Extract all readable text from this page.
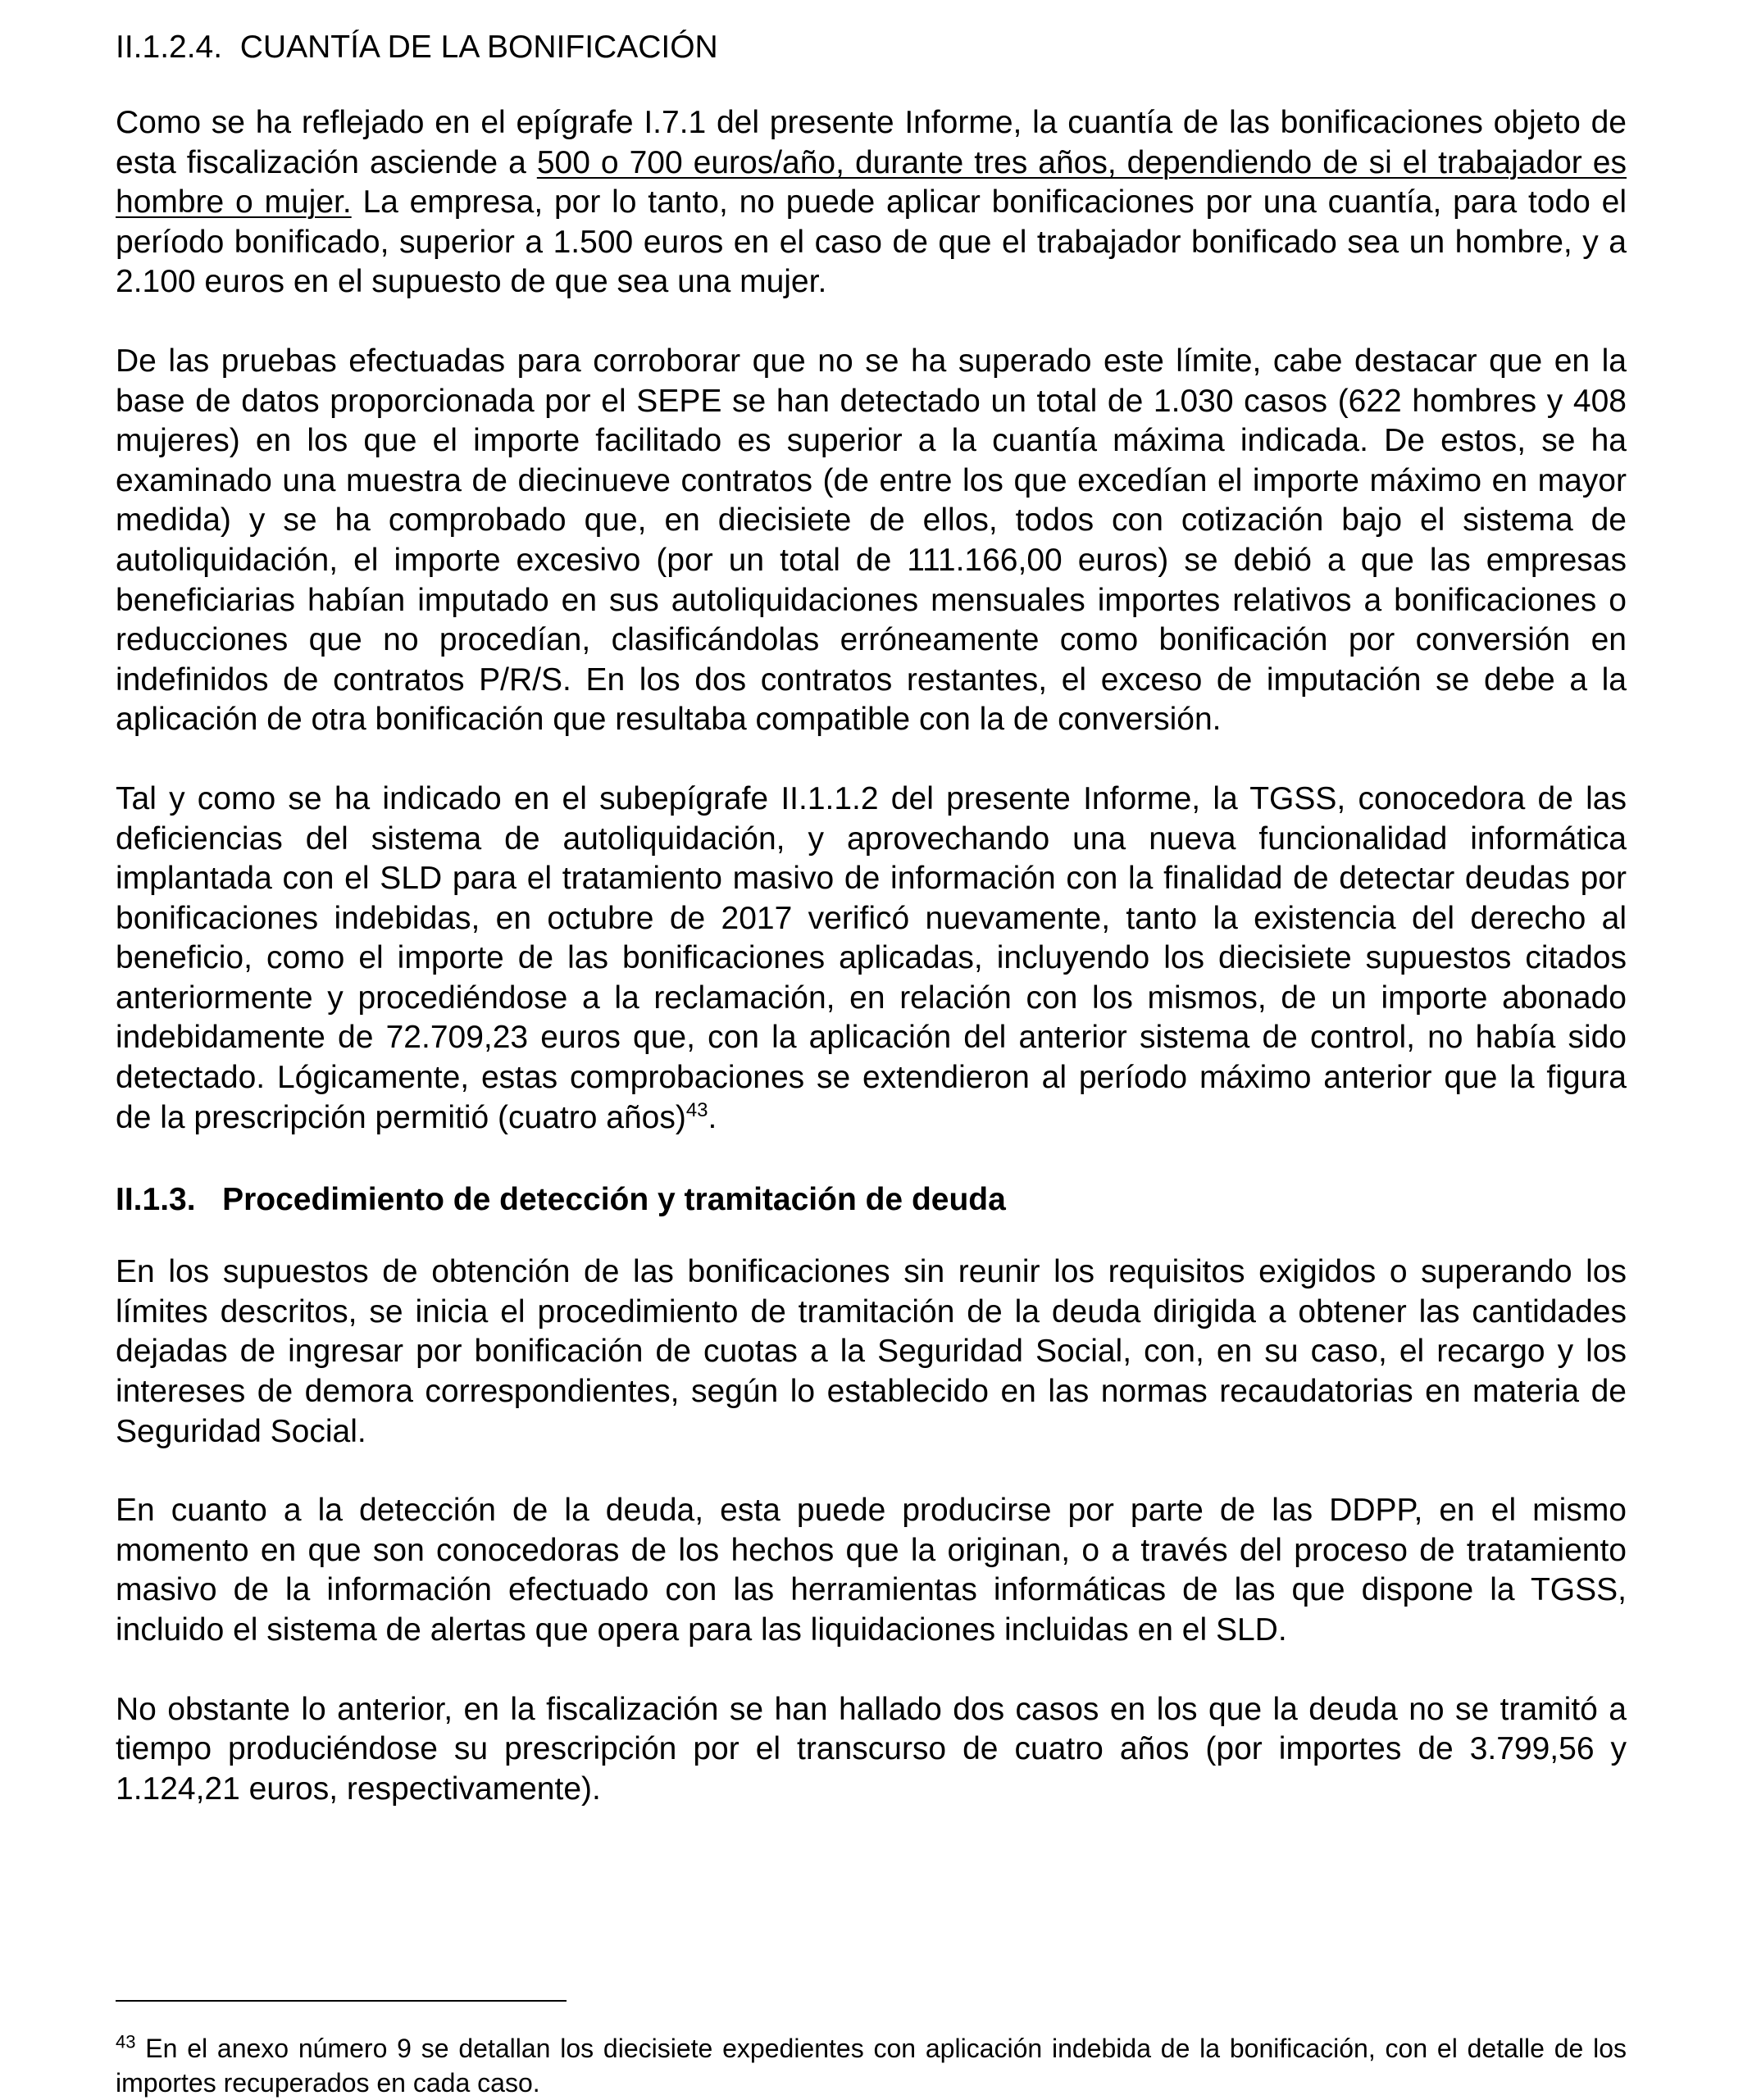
II.1.2.4. CUANTÍA DE LA BONIFICACIÓN

Como se ha reflejado en el epígrafe I.7.1 del presente Informe, la cuantía de las bonificaciones objeto de esta fiscalización asciende a 500 o 700 euros/año, durante tres años, dependiendo de si el trabajador es hombre o mujer. La empresa, por lo tanto, no puede aplicar bonificaciones por una cuantía, para todo el período bonificado, superior a 1.500 euros en el caso de que el trabajador bonificado sea un hombre, y a 2.100 euros en el supuesto de que sea una mujer.

De las pruebas efectuadas para corroborar que no se ha superado este límite, cabe destacar que en la base de datos proporcionada por el SEPE se han detectado un total de 1.030 casos (622 hombres y 408 mujeres) en los que el importe facilitado es superior a la cuantía máxima indicada. De estos, se ha examinado una muestra de diecinueve contratos (de entre los que excedían el importe máximo en mayor medida) y se ha comprobado que, en diecisiete de ellos, todos con cotización bajo el sistema de autoliquidación, el importe excesivo (por un total de 111.166,00 euros) se debió a que las empresas beneficiarias habían imputado en sus autoliquidaciones mensuales importes relativos a bonificaciones o reducciones que no procedían, clasificándolas erróneamente como bonificación por conversión en indefinidos de contratos P/R/S. En los dos contratos restantes, el exceso de imputación se debe a la aplicación de otra bonificación que resultaba compatible con la de conversión.

Tal y como se ha indicado en el subepígrafe II.1.1.2 del presente Informe, la TGSS, conocedora de las deficiencias del sistema de autoliquidación, y aprovechando una nueva funcionalidad informática implantada con el SLD para el tratamiento masivo de información con la finalidad de detectar deudas por bonificaciones indebidas, en octubre de 2017 verificó nuevamente, tanto la existencia del derecho al beneficio, como el importe de las bonificaciones aplicadas, incluyendo los diecisiete supuestos citados anteriormente y procediéndose a la reclamación, en relación con los mismos, de un importe abonado indebidamente de 72.709,23 euros que, con la aplicación del anterior sistema de control, no había sido detectado. Lógicamente, estas comprobaciones se extendieron al período máximo anterior que la figura de la prescripción permitió (cuatro años)$^{43}$.

II.1.3. Procedimiento de detección y tramitación de deuda

En los supuestos de obtención de las bonificaciones sin reunir los requisitos exigidos o superando los límites descritos, se inicia el procedimiento de tramitación de la deuda dirigida a obtener las cantidades dejadas de ingresar por bonificación de cuotas a la Seguridad Social, con, en su caso, el recargo y los intereses de demora correspondientes, según lo establecido en las normas recaudatorias en materia de Seguridad Social.

En cuanto a la detección de la deuda, esta puede producirse por parte de las DDPP, en el mismo momento en que son conocedoras de los hechos que la originan, o a través del proceso de tratamiento masivo de la información efectuado con las herramientas informáticas de las que dispone la TGSS, incluido el sistema de alertas que opera para las liquidaciones incluidas en el SLD.

No obstante lo anterior, en la fiscalización se han hallado dos casos en los que la deuda no se tramitó a tiempo produciéndose su prescripción por el transcurso de cuatro años (por importes de 3.799,56 y 1.124,21 euros, respectivamente).

$^{43}$ En el anexo número 9 se detallan los diecisiete expedientes con aplicación indebida de la bonificación, con el detalle de los importes recuperados en cada caso.
